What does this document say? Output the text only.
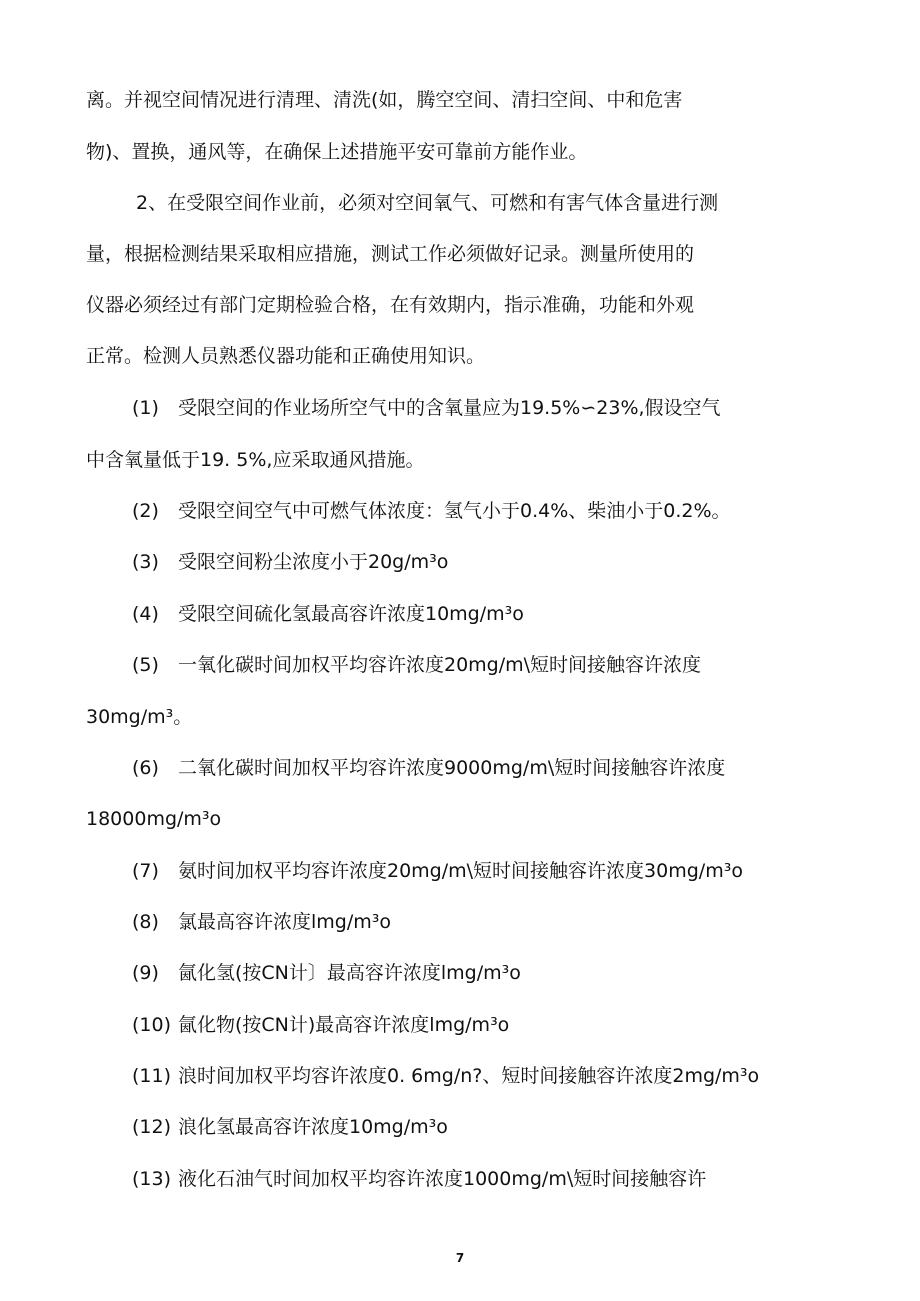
离。并视空间情况进行清理、清洗(如，腾空空间、清扫空间、中和危害
物)、置换，通风等，在确保上述措施平安可靠前方能作业。
2、在受限空间作业前，必须对空间氧气、可燃和有害气体含量进行测
量，根据检测结果采取相应措施，测试工作必须做好记录。测量所使用的
仪器必须经过有部门定期检验合格，在有效期内，指示准确，功能和外观
正常。检测人员熟悉仪器功能和正确使用知识。
(1) 受限空间的作业场所空气中的含氧量应为19.5%∽23%,假设空气
中含氧量低于19. 5%,应采取通风措施。
(2) 受限空间空气中可燃气体浓度：氢气小于0.4%、柴油小于0.2%。
(3) 受限空间粉尘浓度小于20g/m³o
(4) 受限空间硫化氢最高容许浓度10mg/m³o
(5) 一氧化碳时间加权平均容许浓度20mg/m\短时间接触容许浓度
30mg/m³。
(6) 二氧化碳时间加权平均容许浓度9000mg/m\短时间接触容许浓度
18000mg/m³o
(7) 氨时间加权平均容许浓度20mg/m\短时间接触容许浓度30mg/m³o
(8) 氯最高容许浓度lmg/m³o
(9) 氤化氢(按CN计〕最高容许浓度lmg/m³o
(10) 氤化物(按CN计)最高容许浓度lmg/m³o
(11) 浪时间加权平均容许浓度0. 6mg/n?、短时间接触容许浓度2mg/m³o
(12) 浪化氢最高容许浓度10mg/m³o
(13) 液化石油气时间加权平均容许浓度1000mg/m\短时间接触容许
7
